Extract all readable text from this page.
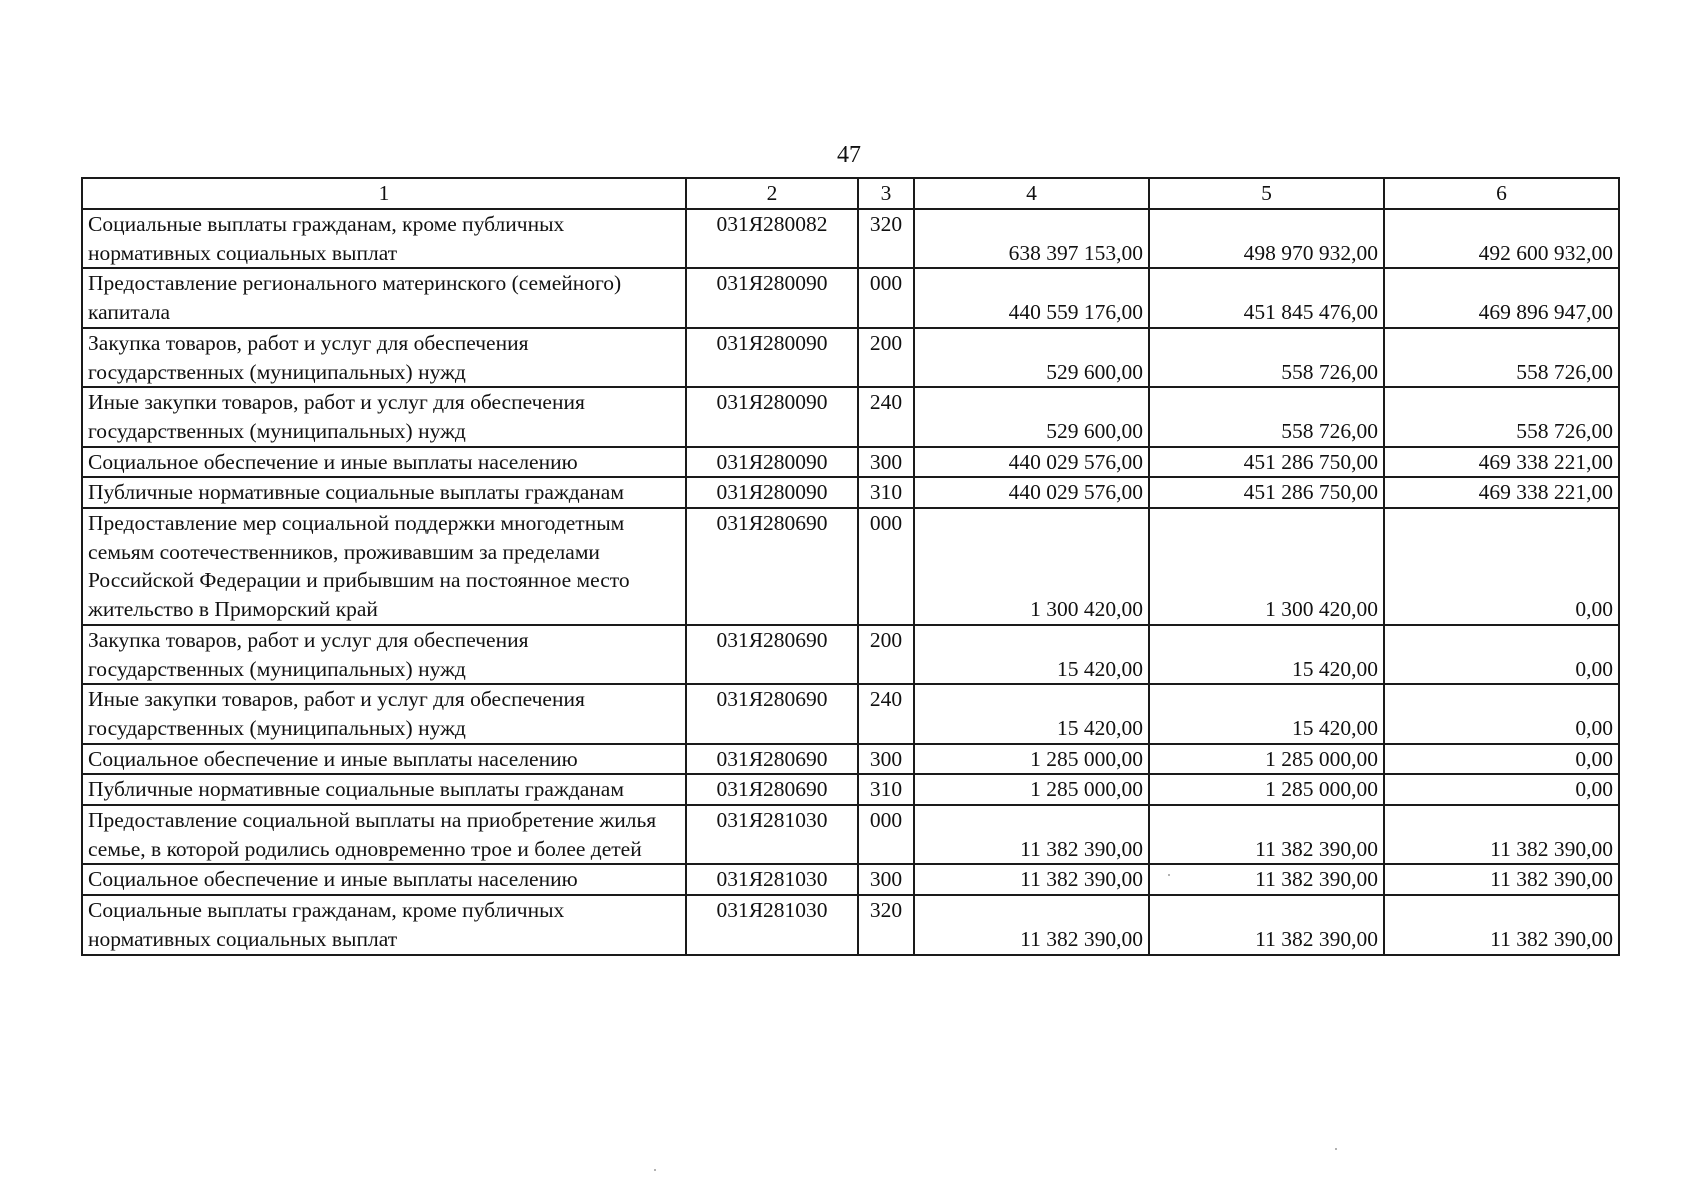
47
1	2	3	4	5	6
Социальные выплаты гражданам, кроме публичных нормативных социальных выплат	031Я280082	320	638 397 153,00	498 970 932,00	492 600 932,00
Предоставление регионального материнского (семейного) капитала	031Я280090	000	440 559 176,00	451 845 476,00	469 896 947,00
Закупка товаров, работ и услуг для обеспечения государственных (муниципальных) нужд	031Я280090	200	529 600,00	558 726,00	558 726,00
Иные закупки товаров, работ и услуг для обеспечения государственных (муниципальных) нужд	031Я280090	240	529 600,00	558 726,00	558 726,00
Социальное обеспечение и иные выплаты населению	031Я280090	300	440 029 576,00	451 286 750,00	469 338 221,00
Публичные нормативные социальные выплаты гражданам	031Я280090	310	440 029 576,00	451 286 750,00	469 338 221,00
Предоставление мер социальной поддержки многодетным семьям соотечественников, проживавшим за пределами Российской Федерации и прибывшим на постоянное место жительство в Приморский край	031Я280690	000	1 300 420,00	1 300 420,00	0,00
Закупка товаров, работ и услуг для обеспечения государственных (муниципальных) нужд	031Я280690	200	15 420,00	15 420,00	0,00
Иные закупки товаров, работ и услуг для обеспечения государственных (муниципальных) нужд	031Я280690	240	15 420,00	15 420,00	0,00
Социальное обеспечение и иные выплаты населению	031Я280690	300	1 285 000,00	1 285 000,00	0,00
Публичные нормативные социальные выплаты гражданам	031Я280690	310	1 285 000,00	1 285 000,00	0,00
Предоставление социальной выплаты на приобретение жилья семье, в которой родились одновременно трое и более детей	031Я281030	000	11 382 390,00	11 382 390,00	11 382 390,00
Социальное обеспечение и иные выплаты населению	031Я281030	300	11 382 390,00	11 382 390,00	11 382 390,00
Социальные выплаты гражданам, кроме публичных нормативных социальных выплат	031Я281030	320	11 382 390,00	11 382 390,00	11 382 390,00
